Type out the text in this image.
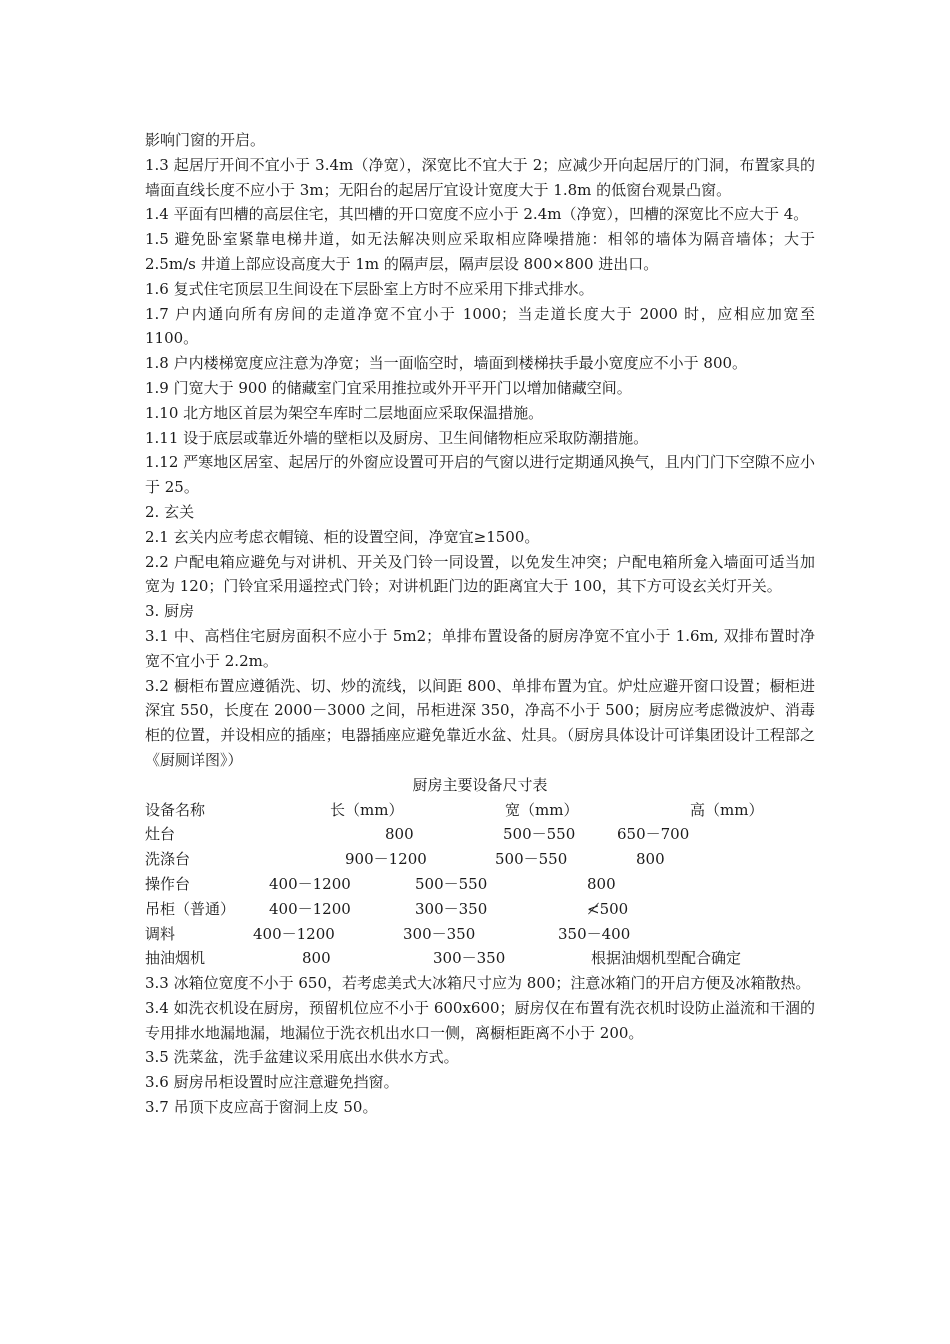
影响门窗的开启。

1.3 起居厅开间不宜小于 3.4m（净宽），深宽比不宜大于 2；应减少开向起居厅的门洞，布置家具的墙面直线长度不应小于 3m；无阳台的起居厅宜设计宽度大于 1.8m 的低窗台观景凸窗。

1.4 平面有凹槽的高层住宅，其凹槽的开口宽度不应小于 2.4m（净宽），凹槽的深宽比不应大于 4。

1.5 避免卧室紧靠电梯井道，如无法解决则应采取相应降噪措施：相邻的墙体为隔音墙体；大于 2.5m/s 井道上部应设高度大于 1m 的隔声层，隔声层设 800×800 进出口。

1.6 复式住宅顶层卫生间设在下层卧室上方时不应采用下排式排水。

1.7 户内通向所有房间的走道净宽不宜小于 1000；当走道长度大于 2000 时，应相应加宽至 1100。

1.8 户内楼梯宽度应注意为净宽；当一面临空时，墙面到楼梯扶手最小宽度应不小于 800。

1.9 门宽大于 900 的储藏室门宜采用推拉或外开平开门以增加储藏空间。

1.10 北方地区首层为架空车库时二层地面应采取保温措施。

1.11 设于底层或靠近外墙的壁柜以及厨房、卫生间储物柜应采取防潮措施。

1.12 严寒地区居室、起居厅的外窗应设置可开启的气窗以进行定期通风换气，且内门门下空隙不应小于 25。

2. 玄关

2.1 玄关内应考虑衣帽镜、柜的设置空间，净宽宜≥1500。

2.2 户配电箱应避免与对讲机、开关及门铃一同设置，以免发生冲突；户配电箱所龛入墙面可适当加宽为 120；门铃宜采用遥控式门铃；对讲机距门边的距离宜大于 100，其下方可设玄关灯开关。

3. 厨房

3.1 中、高档住宅厨房面积不应小于 5m2；单排布置设备的厨房净宽不宜小于 1.6m, 双排布置时净宽不宜小于 2.2m。

3.2 橱柜布置应遵循洗、切、炒的流线，以间距 800、单排布置为宜。炉灶应避开窗口设置；橱柜进深宜 550，长度在 2000－3000 之间，吊柜进深 350，净高不小于 500；厨房应考虑微波炉、消毒柜的位置，并设相应的插座；电器插座应避免靠近水盆、灶具。（厨房具体设计可详集团设计工程部之《厨厕详图》）

厨房主要设备尺寸表

设备名称	长（mm）	宽（mm）	高（mm）
灶台	800	500－550	650－700
洗涤台	900－1200	500－550	800
操作台	400－1200	500－550	800
吊柜（普通） 400－1200	300－350	≮500
调料	400－1200	300－350	350－400
抽油烟机	800	300－350	根据油烟机型配合确定

3.3 冰箱位宽度不小于 650，若考虑美式大冰箱尺寸应为 800；注意冰箱门的开启方便及冰箱散热。

3.4 如洗衣机设在厨房，预留机位应不小于 600x600；厨房仅在布置有洗衣机时设防止溢流和干涸的专用排水地漏地漏，地漏位于洗衣机出水口一侧，离橱柜距离不小于 200。

3.5 洗菜盆，洗手盆建议采用底出水供水方式。

3.6 厨房吊柜设置时应注意避免挡窗。

3.7 吊顶下皮应高于窗洞上皮 50。
